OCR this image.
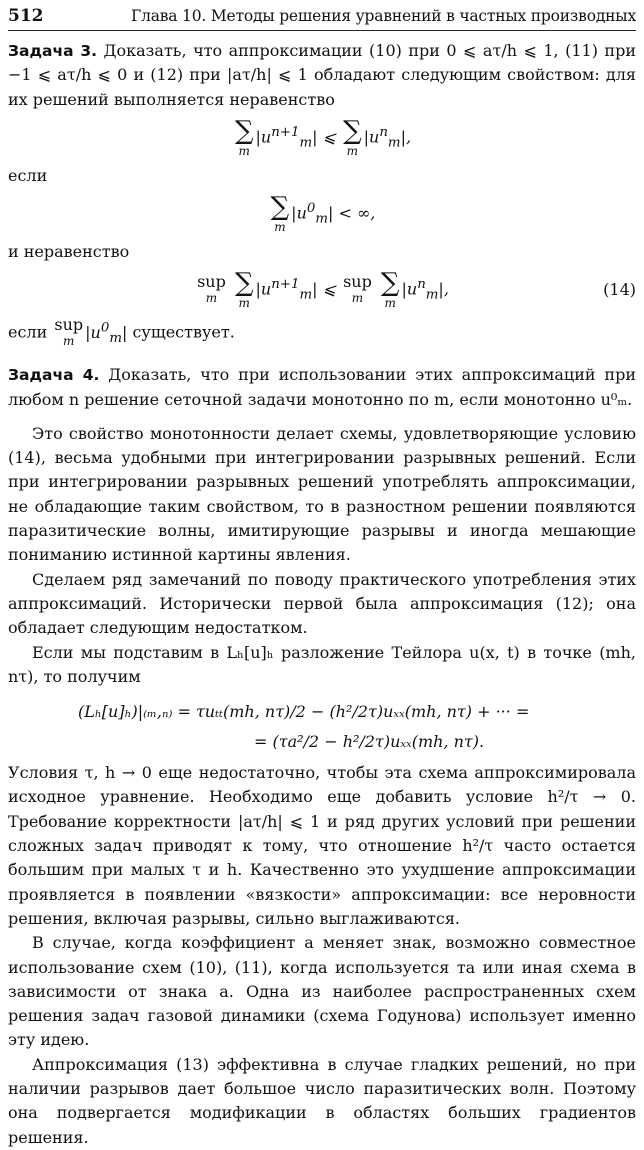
512	Глава 10. Методы решения уравнений в частных производных

Задача 3. Доказать, что аппроксимации (10) при 0 ⩽ aτ/h ⩽ 1, (11) при −1 ⩽ aτ/h ⩽ 0 и (12) при |aτ/h| ⩽ 1 обладают следующим свойством: для их решений выполняется неравенство

∑
m
$|u^{n+1}_m|$ ⩽ ∑
m
$|u^n_m|$,

если

∑
m
$|u^0_m|$ < ∞,

и неравенство

sup
m
∑
m
$|u^{n+1}_m|$ ⩽ sup
m
∑
m
$|u^n_m|$,	(14)

если sup
m $|u^0_m|$ существует.

Задача 4. Доказать, что при использовании этих аппроксимаций при любом n решение сеточной задачи монотонно по m, если монотонно u⁰ₘ.

Это свойство монотонности делает схемы, удовлетворяющие условию (14), весьма удобными при интегрировании разрывных решений. Если при интегрировании разрывных решений употреблять аппроксимации, не обладающие таким свойством, то в разностном решении появляются паразитические волны, имитирующие разрывы и иногда мешающие пониманию истинной картины явления.

Сделаем ряд замечаний по поводу практического употребления этих аппроксимаций. Исторически первой была аппроксимация (12); она обладает следующим недостатком.

Если мы подставим в Lₕ[u]ₕ разложение Тейлора u(x, t) в точке (mh, nτ), то получим

(Lₕ[u]ₕ)|₍ₘ,ₙ₎ = τuₜₜ(mh, nτ)/2 − (h²/2τ)uₓₓ(mh, nτ) + ··· =
= (τa²/2 − h²/2τ)uₓₓ(mh, nτ).

Условия τ, h → 0 еще недостаточно, чтобы эта схема аппроксимировала исходное уравнение. Необходимо еще добавить условие h²/τ → 0. Требование корректности |aτ/h| ⩽ 1 и ряд других условий при решении сложных задач приводят к тому, что отношение h²/τ часто остается большим при малых τ и h. Качественно это ухудшение аппроксимации проявляется в появлении «вязкости» аппроксимации: все неровности решения, включая разрывы, сильно выглаживаются.

В случае, когда коэффициент a меняет знак, возможно совместное использование схем (10), (11), когда используется та или иная схема в зависимости от знака a. Одна из наиболее распространенных схем решения задач газовой динамики (схема Годунова) использует именно эту идею.

Аппроксимация (13) эффективна в случае гладких решений, но при наличии разрывов дает большое число паразитических волн. Поэтому она подвергается модификации в областях больших градиентов решения.
